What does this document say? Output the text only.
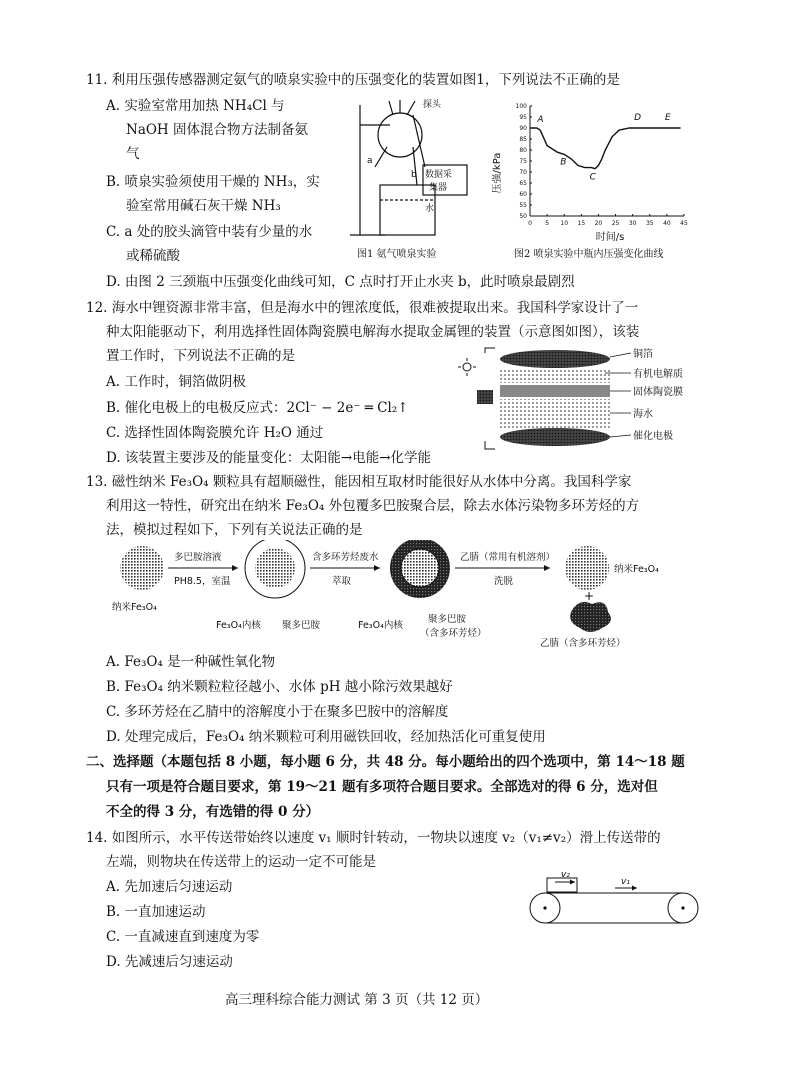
11. 利用压强传感器测定氨气的喷泉实验中的压强变化的装置如图1，下列说法不正确的是
A. 实验室常用加热 NH₄Cl 与
NaOH 固体混合物方法制备氨
气
B. 喷泉实验须使用干燥的 NH₃，实
验室常用碱石灰干燥 NH₃
C. a 处的胶头滴管中装有少量的水
或稀硫酸
D. 由图 2 三颈瓶中压强变化曲线可知，C 点时打开止水夹 b，此时喷泉最剧烈
探头
a
b 数据采
集器
水
图1 氨气喷泉实验
压强/kPa
时间/s
0 5 10 15 20 25 30 35 40 45
100
95
90
85
80
75
70
65
60
55
50
A
B
C
D	E
图2 喷泉实验中瓶内压强变化曲线
12. 海水中锂资源非常丰富，但是海水中的锂浓度低，很难被提取出来。我国科学家设计了一
种太阳能驱动下，利用选择性固体陶瓷膜电解海水提取金属锂的装置（示意图如图），该装
置工作时，下列说法不正确的是
A. 工作时，铜箔做阴极
B. 催化电极上的电极反应式：2Cl⁻ − 2e⁻ ═ Cl₂↑
C. 选择性固体陶瓷膜允许 H₂O 通过
D. 该装置主要涉及的能量变化：太阳能→电能→化学能
铜箔
有机电解质
固体陶瓷膜
海水
催化电极
13. 磁性纳米 Fe₃O₄ 颗粒具有超顺磁性，能因相互取材时能很好从水体中分离。我国科学家
利用这一特性，研究出在纳米 Fe₃O₄ 外包覆多巴胺聚合层，除去水体污染物多环芳烃的方
法，模拟过程如下，下列有关说法正确的是
纳米Fe₃O₄
多巴胺溶液
PH8.5，室温
Fe₃O₄内核 聚多巴胺
含多环芳烃废水
萃取
Fe₃O₄内核
聚多巴胺
（含多环芳烃）
乙腈（常用有机溶剂）
洗脱
纳米Fe₃O₄
+
乙腈（含多环芳烃）
A. Fe₃O₄ 是一种碱性氧化物
B. Fe₃O₄ 纳米颗粒粒径越小、水体 pH 越小除污效果越好
C. 多环芳烃在乙腈中的溶解度小于在聚多巴胺中的溶解度
D. 处理完成后，Fe₃O₄ 纳米颗粒可利用磁铁回收，经加热活化可重复使用
二、选择题（本题包括 8 小题，每小题 6 分，共 48 分。每小题给出的四个选项中，第 14～18 题
只有一项是符合题目要求，第 19～21 题有多项符合题目要求。全部选对的得 6 分，选对但
不全的得 3 分，有选错的得 0 分）
14. 如图所示，水平传送带始终以速度 v₁ 顺时针转动，一物块以速度 v₂（v₁≠v₂）滑上传送带的
左端，则物块在传送带上的运动一定不可能是
A. 先加速后匀速运动
B. 一直加速运动
C. 一直减速直到速度为零
D. 先减速后匀速运动
v₂
v₁
高三理科综合能力测试 第 3 页（共 12 页）
